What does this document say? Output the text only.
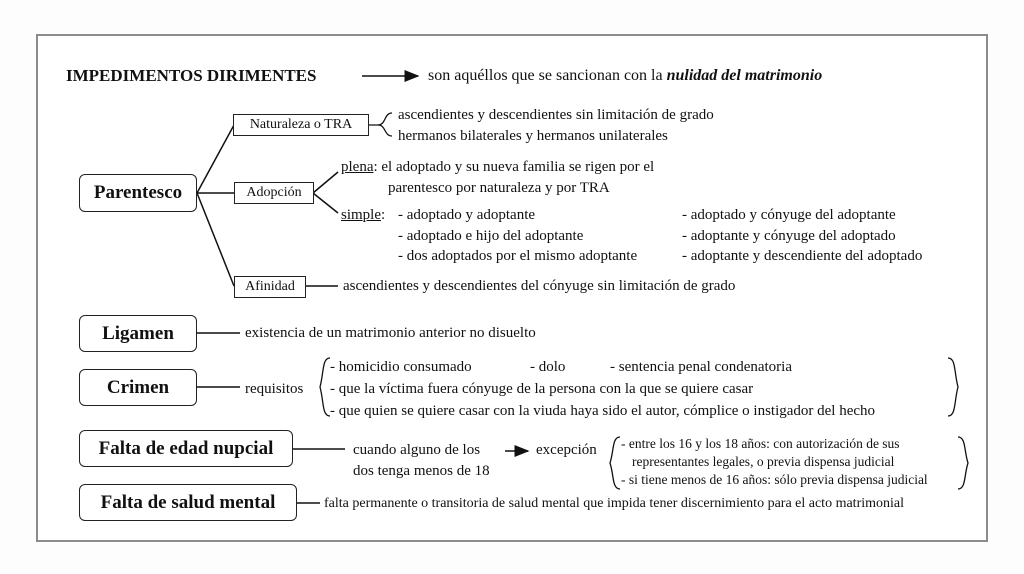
IMPEDIMENTOS DIRIMENTES	son aquéllos que se sancionan con la nulidad del matrimonio
Parentesco
Naturaleza o TRA
ascendientes y descendientes sin limitación de grado
hermanos bilaterales y hermanos unilaterales
Adopción
plena: el adoptado y su nueva familia se rigen por el
parentesco por naturaleza y por TRA
simple: - adoptado y adoptante
- adoptado e hijo del adoptante
- dos adoptados por el mismo adoptante
- adoptado y cónyuge del adoptante
- adoptante y cónyuge del adoptado
- adoptante y descendiente del adoptado
Afinidad	ascendientes y descendientes del cónyuge sin limitación de grado
Ligamen	existencia de un matrimonio anterior no disuelto
Crimen	requisitos
- homicidio consumado	- dolo	- sentencia penal condenatoria
- que la víctima fuera cónyuge de la persona con la que se quiere casar
- que quien se quiere casar con la viuda haya sido el autor, cómplice o instigador del hecho
Falta de edad nupcial	cuando alguno de los
dos tenga menos de 18
excepción - entre los 16 y los 18 años: con autorización de sus
representantes legales, o previa dispensa judicial
- si tiene menos de 16 años: sólo previa dispensa judicial
Falta de salud mental	falta permanente o transitoria de salud mental que impida tener discernimiento para el acto matrimonial
